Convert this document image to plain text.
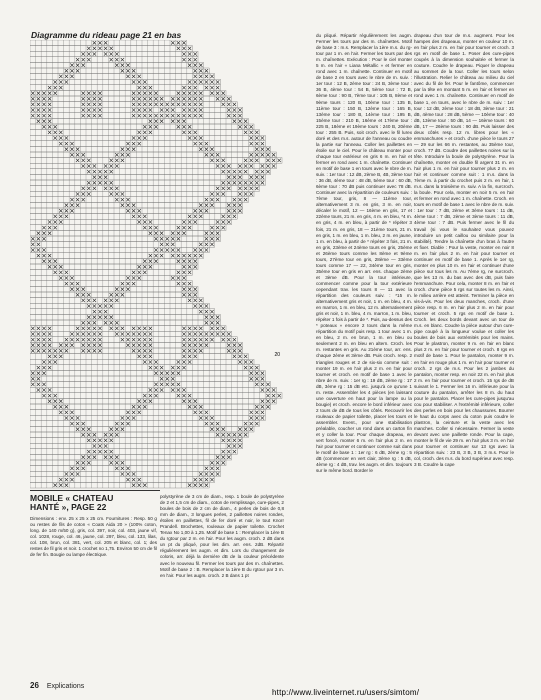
Diagramme du rideau page 21 en bas
20
du pliqué. Répartir régulièrement les augm. Fermer les tours par des m. chaînettes. Motif de base 3 : m.s. Remplacer la 1ère m.s. du rg-tour par 1 m. en l'air. Fermer les tours par des m. chaînettes. Exécution : Pour le ciel monter 5 m. en l'air « Liana Métallic » et fermer en rond avec 1 m. chaînette. Continuer en motif de base 2 en tours avec le nbre de m. suiv. : 1er tour : 12 B, 2ème tour : 24 B, 3ème tour : 36 B, 4ème tour : 54 B, 5ème tour : 72 B, 6ème tour : 90 B, 7ème tour : 105 B, 8ème et 9ème tours : 120 B, 10ème tour : 135 B, 11ème tour : 150 B, 12ème tour : 165 B, 13ème tour : 180 B, 14ème tour : 195 B, 15ème tour : 210 B, 16ème et 17ème tour : 225 B, 18ème et 19ème tours : 240 B, 20ème tour : 255 B. Puis, soit croch. avec le fil lurex doré et des m.s. autour de l'anneau ou coudre la partie sur l'anneau. Coller les paillettes en étoile sur le ciel. Pour le château monter pour chaque tour extérieur en gris 6 m. en l'air et fermer en rond avec 1 m. chaînette. Continuer en motif de base 1 en tours avec le nbre de m. suiv. : 1er tour : 12 dB, 2ème B, 4B, 3ème tour : 36 dB, 4ème tour : 48 dB, 5ème tour : 60 dB, 6ème tour : 70 dB puis continuer avec 78 dB. Continuer avec la répartition de couleurs suiv. : 7ème tour, gris, 8 — 11ème tour, alternativement 3 m. en gris, 3 m. en noir, décaler le motif, 12 — 16ème en gris, 17 et 22ème tours, 21 m. en gris, 4 m. en bleu, *4 m. en gris, 4 m. en bleu, à partir de * répéter 3 fois, 21 m. en gris, 18 — 21ème tours, 21 m. en gris, 1 m. en bleu, 1 m. bleu, 2 m. en jaune, 1 m. en bleu, à partir de * répéter 3 fois, 21 m. en gris, 23ème et 24ème tours en gris, 25ème et 26ème tours comme les 8ème et 9ème tours, 27ème tour en gris, 28ème — 33ème tours comme 17 — 22, 34ème tour en gris, 35ème tour en gris en arr. ens. chaque 2ème et 3ème dB. Pour la tour intérieure, commencer comme pour la tour extérieure cependant trav. les tours 8 — 11 avec la répartition des couleurs suiv. : *15 m. alternativement gris et noir, 1 m. en bleu, 4 m. en marron, 1 m. en bleu, 12 m. alternativement gris et noir, 1 m. bleu, 4 m. marron, 1 m. bleu, répéter 1 fois à partir de *. Puis, au-dessus des * poteaux » encore 2 tours dans la même répartition du motif puis resp. 1 tour avec 1 m. en bleu, 2 m. en brun, 1 m. en bleu ou seulement 2 m. en bleu en altern. Croch. les m. restantes en gris. Au 21ème tour, arr. ens. chaque 2ème et 3ème dB. Puis croch. resp. 2 triangles rouges et 2 de six-six comme suit : monter 19 m. en l'air plus 2 m. en l'air pour tourner et croch. en motif de base 1 avec le nbre de m. suiv. : 1er rg : 19 dB, 2ème rg : 17 dB, 3ème rg : 15 dB etc. jusqu'à ce qu'une 1 m. reste. Assembler les 4 pièces (en laissant une ouverture en haut pour la lampe ou la bougie) et croch. encore le bord inférieur avec 2 tours de dB de tous les côtés. Recouvrir les rouleaux de papier toilette, placer les tours et assembler. Event., pour une stabilisation préalable, coucher un rond dans un carton fin et y coller la tour. Pour chaque drapeau, en vert foncé, monter 6 m. en l'air plus 2 m. en l'air pour tourner et continuer comme suit dans le motif de base 1 : 1er rg : 6 dB, 2ème rg : 5 dB (commencer en vert clair, 3ème rg : 5 dB, 4ème rg : 4 dB, trav. les augm. et dim. toujours sur le même bord. Border le
drapeau d'un tour de m.s. augment. Pour les hampes des drapeaux, monter en couleur 10 m. en l'air plus 2 m. en l'air pour tourner et croch. 3 rgs en motif de base 1. Poser des cure-pipes coupés à la dimension souhaitée et fermer la couture. Coudre le drapeau. Piquer le drapeau au sommet de la tour. Coller les tours selon l'illustration. Relier le château au milieu du ciel avec du fil de fer. Pour le fantôme, commencer par la tête en montant 5 m. en l'air et fermer en rond avec 1 m. chaînette. Continuer en motif de base 1, en tours, avec le nbre de m. suiv. : 1er tour : 12 dB, 2ème tour : 18 dB, 3ème tour : 21 dB, 4ème tour : 28 dB, 5ème — 10ème tour : 40 dB, 13ème tour : 50 dB, 14 — 16ème tours : 60 dB, 17 — 26ème tours : 90 dB. Puis laisser des deux côtés resp. 12 m. libres pour les « emmanchures » et croch. d'une pièce le tours 27 — 29 sur les 66 m. restantes, au 35ème tour, croch. 77 dB. Coudre des paillettes noires sur la tête. Introduire la boule de polystyrène. Pour la chaînette, monter en double fil argent 31 m. en l'air plus 1 m. en l'air pour tourner plus 2 m. en l'air et continuer comme suit : 1 m.s. dans la 7ème m. à partir du crochet puis 2 m. en l'air, 1 m.s. dans la troisième m. suiv. A la fin, surcroch. la boule. Pour cela, monter en noir 5 m. en l'air et fermer en rond avec 1 m. chaînette. Croch. en tours en motif de base 1 avec le nbre de m. suiv. : 1er tour : 7 dB, 2ème et 3ème tours : 11 dB, 4ème tour : 7 dB, 2ème et 3ème tours : 11 dB, 4ème tour : 7 dB. Puis fermer avec le fil du travail (si vous le souhaitez vous pouvez introduire un petit caillou ou similaire pour la stabilité). Tendre la chaînette d'un bras à l'autre et fixer. Diable : Pour la veste, monter en noir 8 m. en l'air plus 2 m. en l'air pour tourner et continuer en motif de base 1. Après le 1er rg, monter en plus 10 m. en l'air et continuer d'une pièce sur tous les m. Au 7ème rg, ne surcroch. que les 13 m. du bas avec des dB, puis faire l'emmanchure. Pour cela, monter 8 m. en l'air et croch. d'une pièce 5 rgs sur toutes les m. Ainsi, le milieu arrière est atteint. Terminer la pièce en vis-à-vis. Pour les deux manches, croch. d'une pièce resp. 6 m. en l'air plus 2 m. en l'air pour tourner et croch. 5 rgs en motif de base 1. Croch. les deux bords devant avec un tour de m.s. en blanc. Coudre la pièce autour d'un cure-pipe coupé à la longueur voulue et coller les boules de bois aux extrémités pour les mains. Pour le plastron, monter 9 m. en l'air en blanc plus 2 m. en l'air pour tourner et croch. 8 rgs en motif de base 1. Pour le pantalon, monter 9 m. en l'air en rouge plus 1 m. en l'air pour tourner et croch. 2 rgs de m.s. Pour les 2 jambes du pantalon, monter resp. en noir 22 m. en l'air plus 2 m. en l'air pour tourner et croch. 15 rgs de dB suivant le 1. Fermer les 16 m. inférieure pour la couture du pantalon, arrêter les 8 m. du haut pour le pantalon. Placer les cure-pipes jusqu'au cou pour stabiliser. A l'extrémité inférieure, coller des perles en bois pour les chaussures. Bourrer le haut du corps avec du coton puis coudre le plastron, la ceinture et la veste avec les manches. Coller si nécessaire. Fermer la veste devant avec une paillette ronde. Pour la cape, monter le fil de vie 29 m. en l'air plus 3 m. en l'air pour tourner et continuer sur 13 rgs avec la répartition suiv. : 23 B, 3 B, 3 B, 3 m.s. Pour le col, croch. des m.s. du bord supérieur avec resp. 3 B. Coudre la cape
MOBILE « CHATEAU
HANTÉ », PAGE 22
Dimensions : env. 25 x 25 x 25 cm. Fournitures : Resp. 50 g ou restes de fils de coton « Coats Aida 20 » (100% coton, long. de 140 m/50 g), gris, col. 397, noir, col. 403, jaune vif, col. 1028, rouge, col. 46, jaune, col. 297, bleu, col. 133, lilas, col. 108, brun, col. 381, vert, col. 205 et blanc, col. 1; des restes de fil gris et noir. 1 crochet no 1,75. Environ 50 cm de fil de fer fin. Bougie ou lampe électrique.
polystyrène de 3 cm de diam., resp. 1 boule de polystyrène de 2 et 1,5 cm de diam., coton de remplissage, cure-pipes, 2 boules de bois de 2 cm de diam., 4 perles de bois de 0,8 mm de diam., 3 longues perles, 2 paillettes noires rondes, étoiles en paillettes, fil de fer doré et noir, le tout Knorr Prandell. Brochettes, rouleaux de papier toilette. Crochet Tenax No 1,00 à 1,25. Motif de base 1 : Remplacer la 1ère B du rgtour par 2 m. en l'air. Pour les augm. croch. 2 dB dans un pt du pliqué, pour les dim. arr. ens. 2dB. Répartir régulièrement les augm. et dim. Lors du changement de coloris, arr. déjà la dernière dB de la couleur précédente avec le nouveau fil. Fermer les tours par des m. chaînettes. Motif de base 2 : B. Remplacer la 1ère B du rgtour par 3 m. en l'air. Pour les augm. croch. 2 B dans 1 pt
26 Explications
http://www.liveinternet.ru/users/simtom/
